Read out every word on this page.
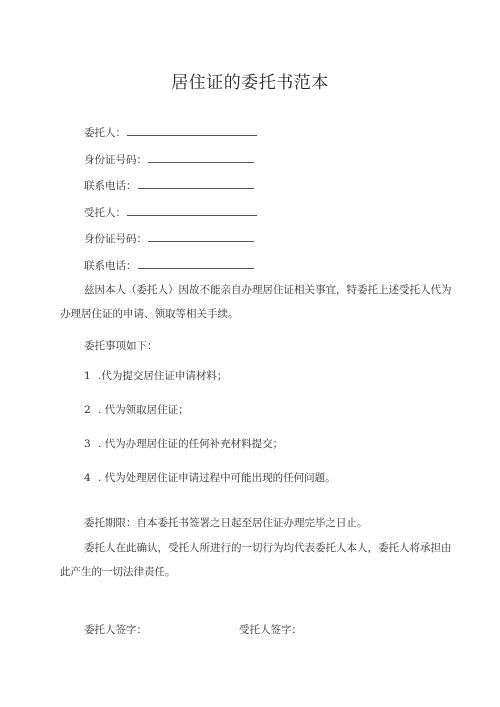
居住证的委托书范本
委托人：
身份证号码：
联系电话：
受托人：
身份证号码：
联系电话：
兹因本人（委托人）因故不能亲自办理居住证相关事宜，特委托上述受托人代为办理居住证的申请、领取等相关手续。
委托事项如下：
1 .代为提交居住证申请材料；
2 . 代为领取居住证；
3 . 代为办理居住证的任何补充材料提交；
4 . 代为处理居住证申请过程中可能出现的任何问题。
委托期限：自本委托书签署之日起至居住证办理完毕之日止。
委托人在此确认，受托人所进行的一切行为均代表委托人本人，委托人将承担由此产生的一切法律责任。
委托人签字：	受托人签字：
